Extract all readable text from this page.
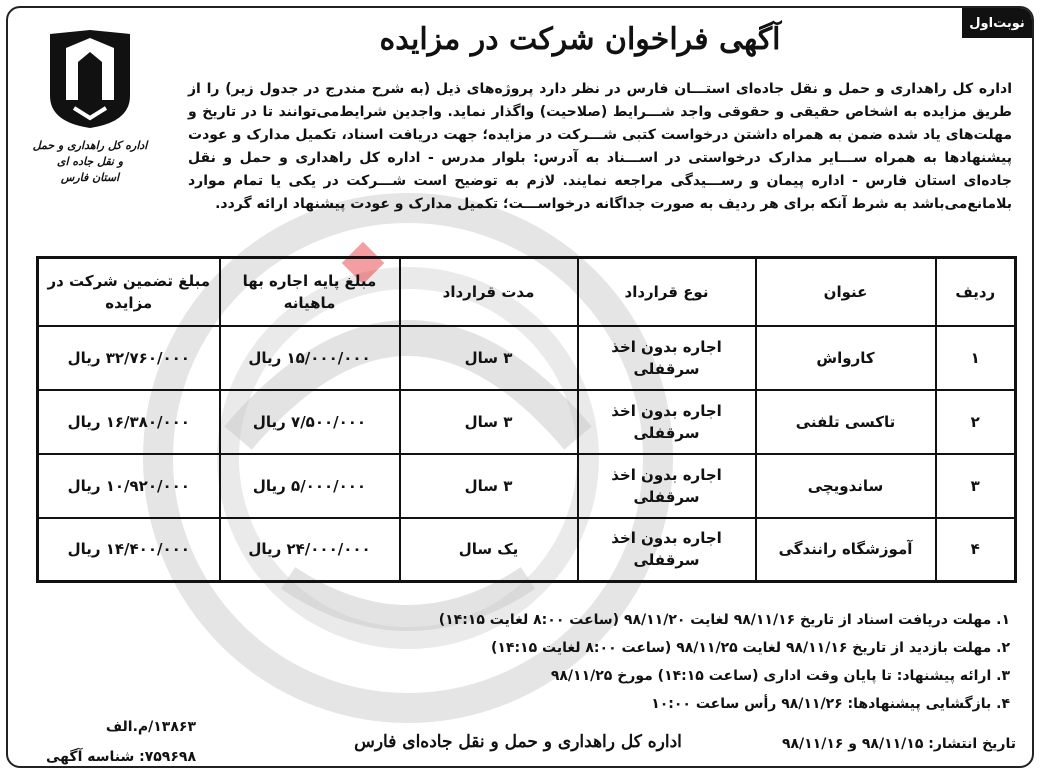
نوبت‌اول
آگهی فراخوان شرکت در مزایده
اداره کل راهداری و حمل و نقل جاده ای
استان فارس
اداره کل راهداری و حمل و نقل جاده‌ای استـــان فارس در نظر دارد پروژه‌های ذیل (به شرح مندرج در جدول زیر) را از طریق مزایده به اشخاص حقیقی و حقوقی واجد شـــرایط (صلاحیت) واگذار نماید. واجدین شرایط‌می‌توانند تا در تاریخ و مهلت‌های یاد شده ضمن به همراه داشتن درخواست کتبی شـــرکت در مزایده؛ جهت دریافت اسناد، تکمیل مدارک و عودت پیشنهادها به همراه ســـایر مدارک درخواستی در اســـناد به آدرس: بلوار مدرس - اداره کل راهداری و حمل و نقل جاده‌ای استان فارس - اداره پیمان و رســـیدگی مراجعه نمایند. لازم به توضیح است شـــرکت در یکی یا تمام موارد بلامانع‌می‌باشد به شرط آنکه برای هر ردیف به صورت جداگانه درخواســـت؛ تکمیل مدارک و عودت پیشنهاد ارائه گردد.
ردیف	عنوان	نوع قرارداد	مدت قرارداد	مبلغ پایه اجاره بها ماهیانه	مبلغ تضمین شرکت در مزایده
۱	کارواش	اجاره بدون اخذ سرقفلی	۳ سال	۱۵/۰۰۰/۰۰۰ ریال	۳۲/۷۶۰/۰۰۰ ریال
۲	تاکسی تلفنی	اجاره بدون اخذ سرقفلی	۳ سال	۷/۵۰۰/۰۰۰ ریال	۱۶/۳۸۰/۰۰۰ ریال
۳	ساندویچی	اجاره بدون اخذ سرقفلی	۳ سال	۵/۰۰۰/۰۰۰ ریال	۱۰/۹۲۰/۰۰۰ ریال
۴	آموزشگاه رانندگی	اجاره بدون اخذ سرقفلی	یک سال	۲۴/۰۰۰/۰۰۰ ریال	۱۴/۴۰۰/۰۰۰ ریال
۱. مهلت دریافت اسناد از تاریخ ۹۸/۱۱/۱۶ لغایت ۹۸/۱۱/۲۰ (ساعت ۸:۰۰ لغایت ۱۴:۱۵)
۲. مهلت بازدید از تاریخ ۹۸/۱۱/۱۶ لغایت ۹۸/۱۱/۲۵ (ساعت ۸:۰۰ لغایت ۱۴:۱۵)
۳. ارائه پیشنهاد: تا پایان وقت اداری (ساعت ۱۴:۱۵) مورخ ۹۸/۱۱/۲۵
۴. بازگشایی پیشنهادها: ۹۸/۱۱/۲۶ رأس ساعت ۱۰:۰۰
۱۳۸۶۳/م.الف
۷۵۹۶۹۸: شناسه آگهی
اداره کل راهداری و حمل و نقل جاده‌ای فارس	تاریخ انتشار: ۹۸/۱۱/۱۵ و ۹۸/۱۱/۱۶
